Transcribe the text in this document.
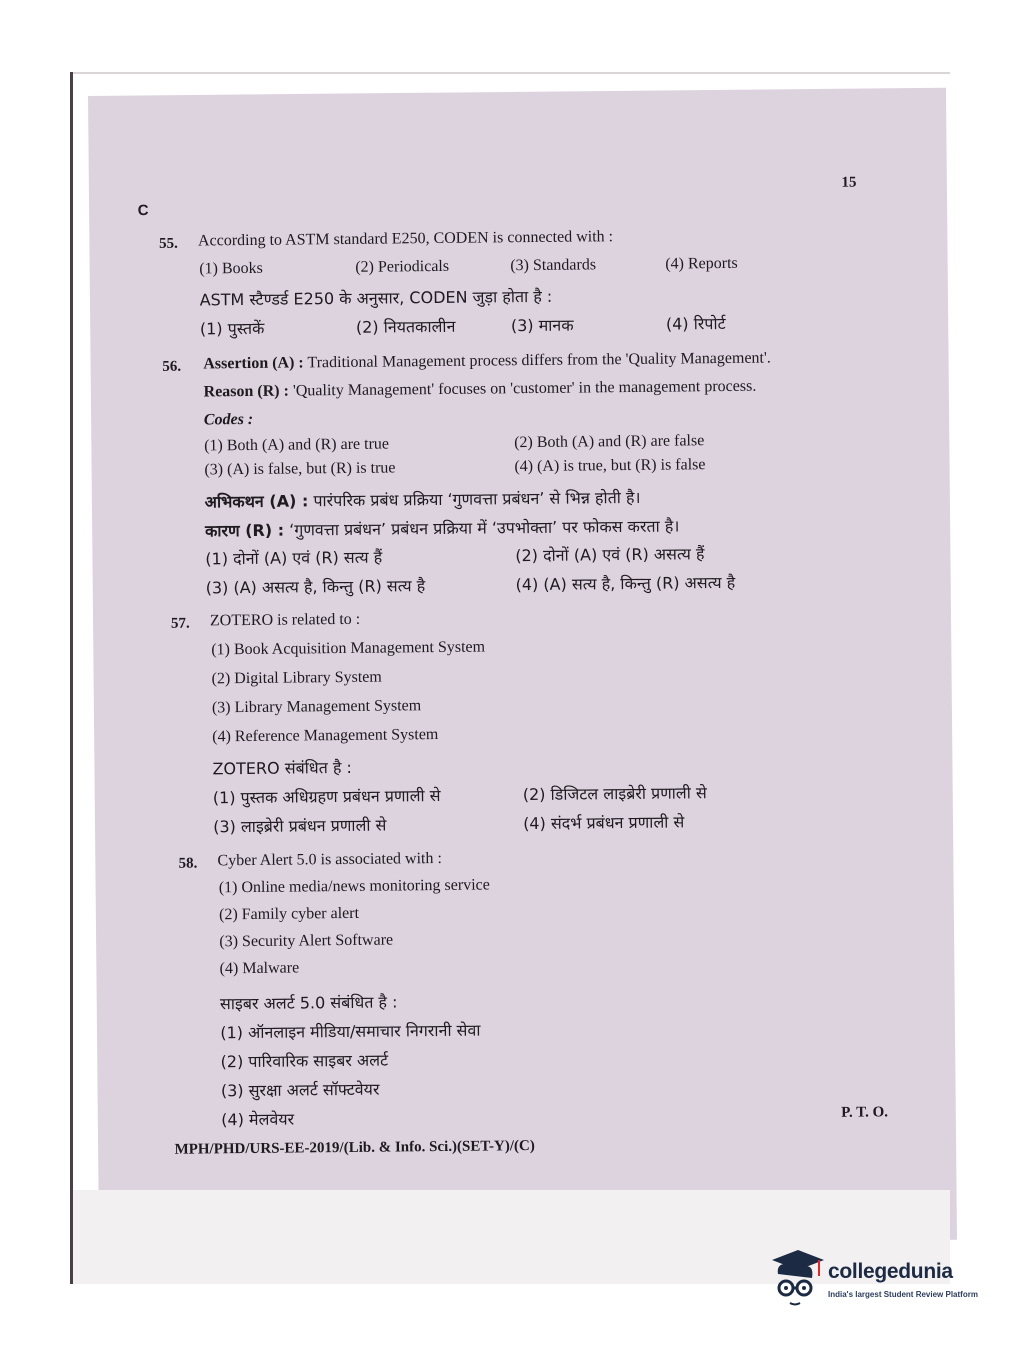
15
C
55. According to ASTM standard E250, CODEN is connected with :
(1) Books	(2) Periodicals	(3) Standards	(4) Reports
ASTM स्टैण्डर्ड E250 के अनुसार, CODEN जुड़ा होता है :
(1) पुस्तकें	(2) नियतकालीन	(3) मानक	(4) रिपोर्ट
56. Assertion (A) : Traditional Management process differs from the 'Quality Management'.
Reason (R) : 'Quality Management' focuses on 'customer' in the management process.
Codes :
(1) Both (A) and (R) are true	(2) Both (A) and (R) are false
(3) (A) is false, but (R) is true	(4) (A) is true, but (R) is false
अभिकथन (A) : पारंपरिक प्रबंध प्रक्रिया ‘गुणवत्ता प्रबंधन’ से भिन्न होती है।
कारण (R) : ‘गुणवत्ता प्रबंधन’ प्रबंधन प्रक्रिया में ‘उपभोक्ता’ पर फोकस करता है।
(1) दोनों (A) एवं (R) सत्य हैं	(2) दोनों (A) एवं (R) असत्य हैं
(3) (A) असत्य है, किन्तु (R) सत्य है	(4) (A) सत्य है, किन्तु (R) असत्य है
57. ZOTERO is related to :
(1) Book Acquisition Management System
(2) Digital Library System
(3) Library Management System
(4) Reference Management System
ZOTERO संबंधित है :
(1) पुस्तक अधिग्रहण प्रबंधन प्रणाली से	(2) डिजिटल लाइब्रेरी प्रणाली से
(3) लाइब्रेरी प्रबंधन प्रणाली से	(4) संदर्भ प्रबंधन प्रणाली से
58. Cyber Alert 5.0 is associated with :
(1) Online media/news monitoring service
(2) Family cyber alert
(3) Security Alert Software
(4) Malware
साइबर अलर्ट 5.0 संबंधित है :
(1) ऑनलाइन मीडिया/समाचार निगरानी सेवा
(2) पारिवारिक साइबर अलर्ट
(3) सुरक्षा अलर्ट सॉफ्टवेयर
(4) मेलवेयर
MPH/PHD/URS-EE-2019/(Lib. & Info. Sci.)(SET-Y)/(C)
P. T. O.
collegedunia
India's largest Student Review Platform
